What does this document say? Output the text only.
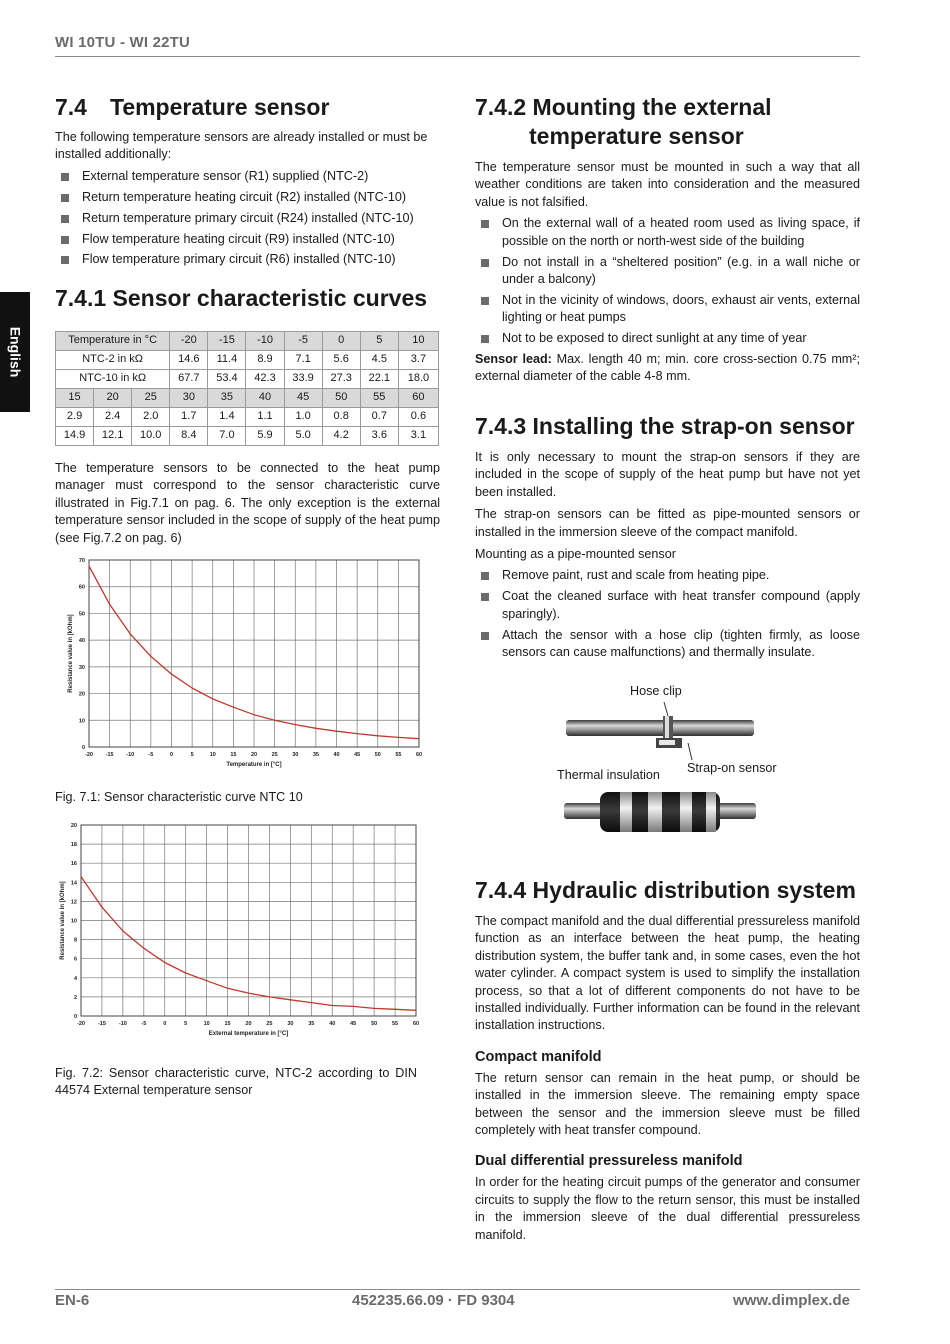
WI 10TU - WI 22TU
English
7.4 Temperature sensor

The following temperature sensors are already installed or must be installed additionally:

External temperature sensor (R1) supplied (NTC-2)
Return temperature heating circuit (R2) installed (NTC-10)
Return temperature primary circuit (R24) installed (NTC-10)
Flow temperature heating circuit (R9) installed (NTC-10)
Flow temperature primary circuit (R6) installed (NTC-10)
7.4.1 Sensor characteristic curves
Temperature in °C			-20	-15	-10	-5	0	5	10
NTC-2 in kΩ			14.6	11.4	8.9	7.1	5.6	4.5	3.7
NTC-10 in kΩ			67.7	53.4	42.3	33.9	27.3	22.1	18.0
15	20	25	30	35	40	45	50	55	60
2.9	2.4	2.0	1.7	1.4	1.1	1.0	0.8	0.7	0.6
14.9	12.1	10.0	8.4	7.0	5.9	5.0	4.2	3.6	3.1

The temperature sensors to be connected to the heat pump manager must correspond to the sensor characteristic curve illustrated in Fig.7.1 on pag. 6. The only exception is the external temperature sensor included in the scope of supply of the heat pump (see Fig.7.2 on pag. 6)

-20 -15 -10	-5	0	5	10	15	20	25	30	35	40	45	50	55	60
0
10
20
30
40
50
60
70
Temperature in [°C]
Resistance value in [kOhm]

Fig. 7.1: Sensor characteristic curve NTC 10

-20 -15 -10	-5	0	5	10	15	20	25	30	35	40	45	50	55	60
0
2
4
6
8
10
12
14
16
18
20
External temperature in [°C]
Resistance value in [kOhm]

Fig. 7.2: Sensor characteristic curve, NTC-2 according to DIN 44574 External temperature sensor

7.4.2 Mounting the external
temperature sensor

The temperature sensor must be mounted in such a way that all weather conditions are taken into consideration and the measured value is not falsified.

On the external wall of a heated room used as living space, if possible on the north or north-west side of the building
Do not install in a “sheltered position” (e.g. in a wall niche or under a balcony)
Not in the vicinity of windows, doors, exhaust air vents, external lighting or heat pumps
Not to be exposed to direct sunlight at any time of year

Sensor lead: Max. length 40 m; min. core cross-section 0.75 mm²; external diameter of the cable 4-8 mm.

7.4.3 Installing the strap-on sensor

It is only necessary to mount the strap-on sensors if they are included in the scope of supply of the heat pump but have not yet been installed.

The strap-on sensors can be fitted as pipe-mounted sensors or installed in the immersion sleeve of the compact manifold.

Mounting as a pipe-mounted sensor

Remove paint, rust and scale from heating pipe.
Coat the cleaned surface with heat transfer compound (apply sparingly).
Attach the sensor with a hose clip (tighten firmly, as loose sensors can cause malfunctions) and thermally insulate.
Hose clip
Thermal insulation Strap-on sensor
7.4.4 Hydraulic distribution system

The compact manifold and the dual differential pressureless manifold function as an interface between the heat pump, the heating distribution system, the buffer tank and, in some cases, even the hot water cylinder. A compact system is used to simplify the installation process, so that a lot of different components do not have to be installed individually. Further information can be found in the relevant installation instructions.

Compact manifold

The return sensor can remain in the heat pump, or should be installed in the immersion sleeve. The remaining empty space between the sensor and the immersion sleeve must be filled completely with heat transfer compound.

Dual differential pressureless manifold

In order for the heating circuit pumps of the generator and consumer circuits to supply the flow to the return sensor, this must be installed in the immersion sleeve of the dual differential pressureless manifold.

EN-6	452235.66.09 · FD 9304	www.dimplex.de
